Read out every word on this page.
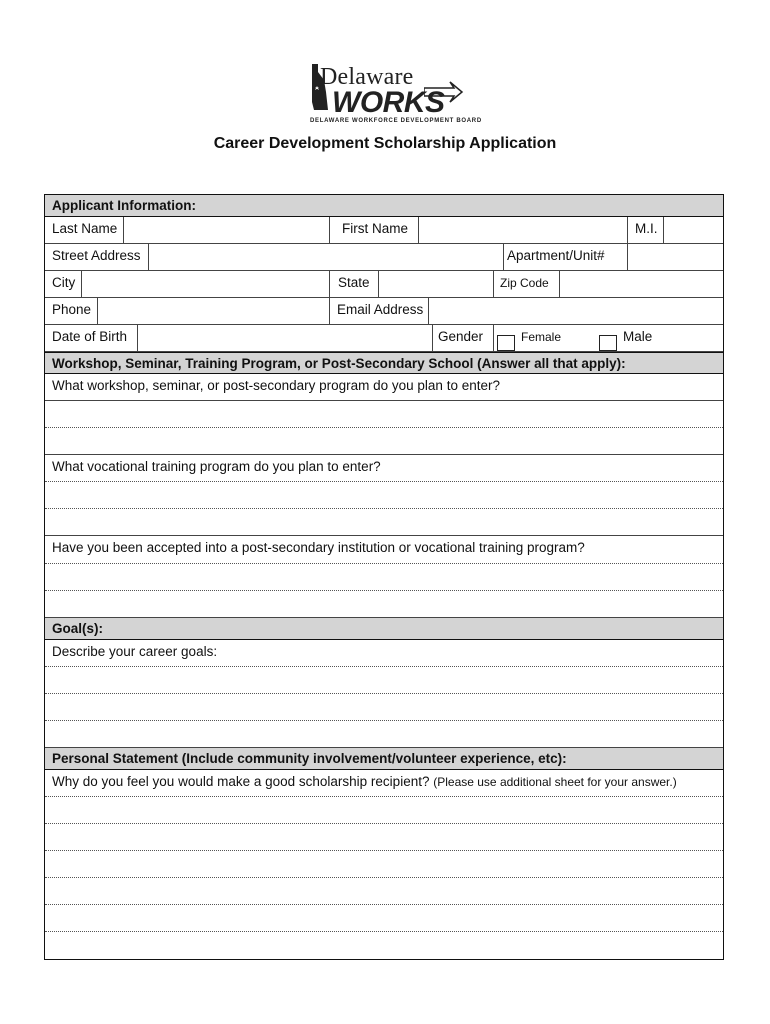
Delaware
WORKS
DELAWARE WORKFORCE DEVELOPMENT BOARD
Career Development Scholarship Application
Applicant Information:
Last Name	First Name	M.I.
Street Address	Apartment/Unit#
City	State	Zip Code
Phone	Email Address
Date of Birth	Gender	Female	Male
Workshop, Seminar, Training Program, or Post-Secondary School (Answer all that apply):
What workshop, seminar, or post-secondary program do you plan to enter?
What vocational training program do you plan to enter?
Have you been accepted into a post-secondary institution or vocational training program?
Goal(s):
Describe your career goals:
Personal Statement (Include community involvement/volunteer experience, etc):
Why do you feel you would make a good scholarship recipient? (Please use additional sheet for your answer.)
